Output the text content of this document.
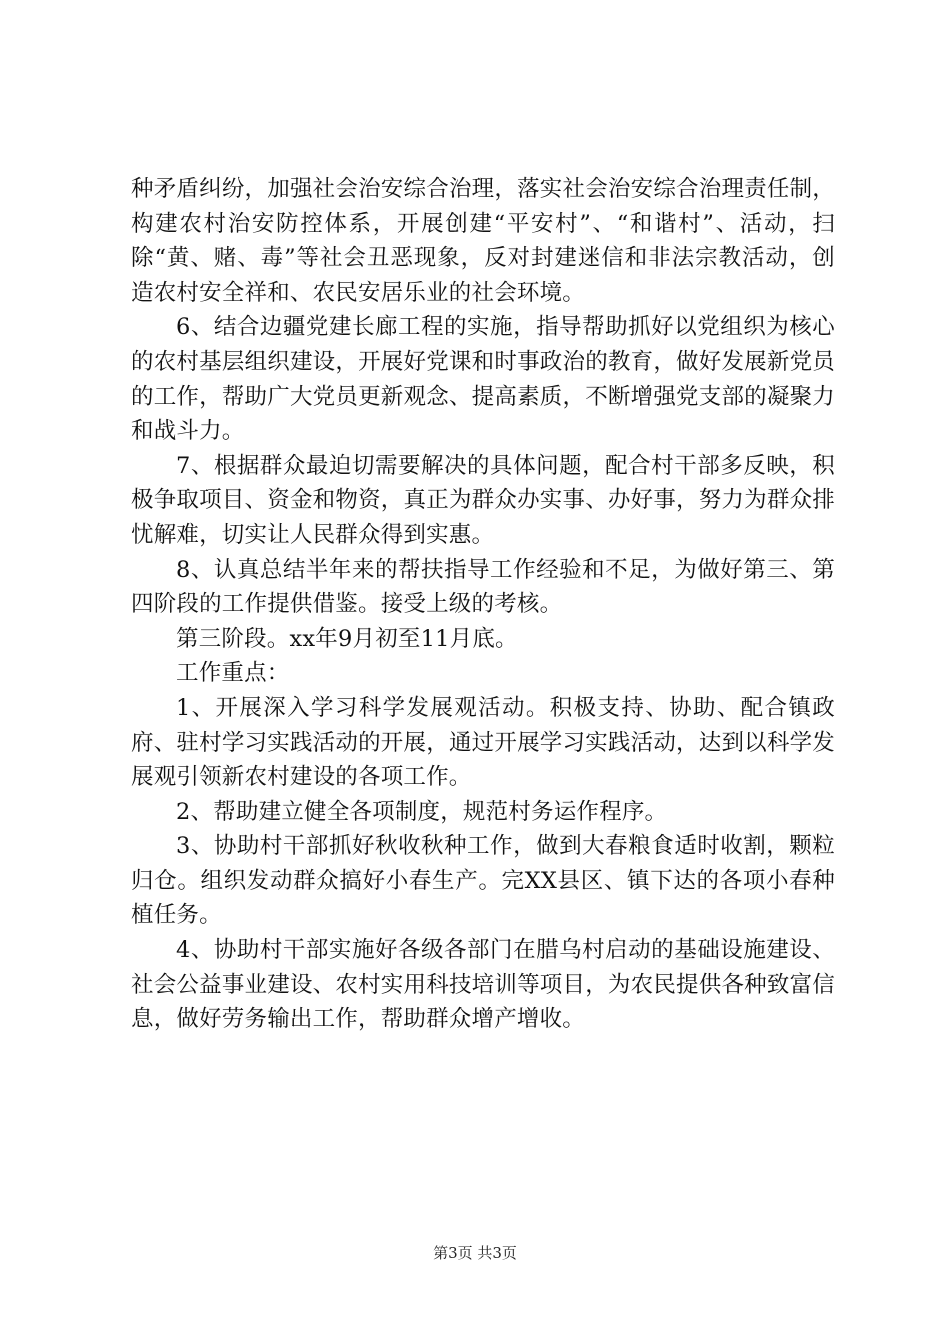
种矛盾纠纷，加强社会治安综合治理，落实社会治安综合治理责任制，构建农村治安防控体系，开展创建“平安村”、“和谐村”、活动，扫除“黄、赌、毒”等社会丑恶现象，反对封建迷信和非法宗教活动，创造农村安全祥和、农民安居乐业的社会环境。

6、结合边疆党建长廊工程的实施，指导帮助抓好以党组织为核心的农村基层组织建设，开展好党课和时事政治的教育，做好发展新党员的工作，帮助广大党员更新观念、提高素质，不断增强党支部的凝聚力和战斗力。

7、根据群众最迫切需要解决的具体问题，配合村干部多反映，积极争取项目、资金和物资，真正为群众办实事、办好事，努力为群众排忧解难，切实让人民群众得到实惠。

8、认真总结半年来的帮扶指导工作经验和不足，为做好第三、第四阶段的工作提供借鉴。接受上级的考核。

第三阶段。xx年9月初至11月底。

工作重点：

1、开展深入学习科学发展观活动。积极支持、协助、配合镇政府、驻村学习实践活动的开展，通过开展学习实践活动，达到以科学发展观引领新农村建设的各项工作。

2、帮助建立健全各项制度，规范村务运作程序。

3、协助村干部抓好秋收秋种工作，做到大春粮食适时收割，颗粒归仓。组织发动群众搞好小春生产。完XX县区、镇下达的各项小春种植任务。

4、协助村干部实施好各级各部门在腊乌村启动的基础设施建设、社会公益事业建设、农村实用科技培训等项目，为农民提供各种致富信息，做好劳务输出工作，帮助群众增产增收。

第3页 共3页
